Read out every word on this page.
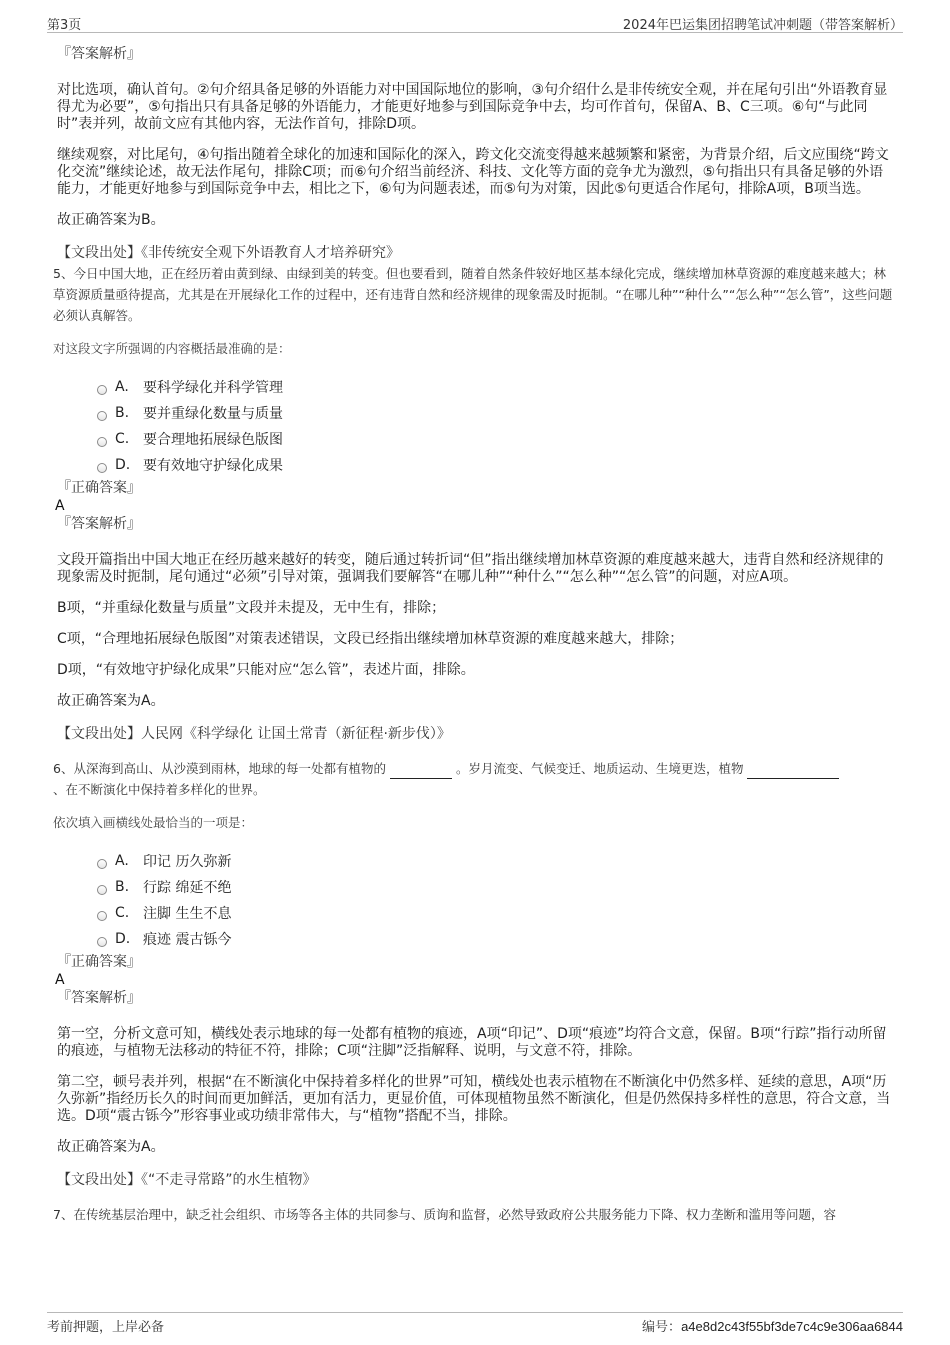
第3页	2024年巴运集团招聘笔试冲刺题（带答案解析）

『答案解析』

对比选项，确认首句。②句介绍具备足够的外语能力对中国国际地位的影响，③句介绍什么是非传统安全观，并在尾句引出“外语教育显得尤为必要”，⑤句指出只有具备足够的外语能力，才能更好地参与到国际竞争中去，均可作首句，保留A、B、C三项。⑥句“与此同时”表并列，故前文应有其他内容，无法作首句，排除D项。

继续观察，对比尾句，④句指出随着全球化的加速和国际化的深入，跨文化交流变得越来越频繁和紧密，为背景介绍，后文应围绕“跨文化交流”继续论述，故无法作尾句，排除C项；而⑥句介绍当前经济、科技、文化等方面的竞争尤为激烈，⑤句指出只有具备足够的外语能力，才能更好地参与到国际竞争中去，相比之下，⑥句为问题表述，而⑤句为对策，因此⑤句更适合作尾句，排除A项，B项当选。

故正确答案为B。

【文段出处】《非传统安全观下外语教育人才培养研究》

5、今日中国大地，正在经历着由黄到绿、由绿到美的转变。但也要看到，随着自然条件较好地区基本绿化完成，继续增加林草资源的难度越来越大；林草资源质量亟待提高，尤其是在开展绿化工作的过程中，还有违背自然和经济规律的现象需及时扼制。“在哪儿种”“种什么”“怎么种”“怎么管”，这些问题必须认真解答。

对这段文字所强调的内容概括最准确的是：

A.	要科学绿化并科学管理
B. 要并重绿化数量与质量
C. 要合理地拓展绿色版图
D. 要有效地守护绿化成果

『正确答案』

A

『答案解析』

文段开篇指出中国大地正在经历越来越好的转变，随后通过转折词“但”指出继续增加林草资源的难度越来越大，违背自然和经济规律的现象需及时扼制，尾句通过“必须”引导对策，强调我们要解答“在哪儿种”“种什么”“怎么种”“怎么管”的问题，对应A项。

B项，“并重绿化数量与质量”文段并未提及，无中生有，排除；

C项，“合理地拓展绿色版图”对策表述错误，文段已经指出继续增加林草资源的难度越来越大，排除；

D项，“有效地守护绿化成果”只能对应“怎么管”，表述片面，排除。

故正确答案为A。

【文段出处】人民网《科学绿化 让国土常青（新征程·新步伐）》

6、从深海到高山、从沙漠到雨林，地球的每一处都有植物的	。岁月流变、气候变迁、地质运动、生境更迭，植物
、在不断演化中保持着多样化的世界。

依次填入画横线处最恰当的一项是：

A.	印记 历久弥新
B. 行踪 绵延不绝
C. 注脚 生生不息
D. 痕迹 震古铄今

『正确答案』

A

『答案解析』

第一空，分析文意可知，横线处表示地球的每一处都有植物的痕迹，A项“印记”、D项“痕迹”均符合文意，保留。B项“行踪”指行动所留的痕迹，与植物无法移动的特征不符，排除；C项“注脚”泛指解释、说明，与文意不符，排除。

第二空，顿号表并列，根据“在不断演化中保持着多样化的世界”可知，横线处也表示植物在不断演化中仍然多样、延续的意思，A项“历久弥新”指经历长久的时间而更加鲜活，更加有活力，更显价值，可体现植物虽然不断演化，但是仍然保持多样性的意思，符合文意，当选。D项“震古铄今”形容事业或功绩非常伟大，与“植物”搭配不当，排除。

故正确答案为A。

【文段出处】《“不走寻常路”的水生植物》

7、在传统基层治理中，缺乏社会组织、市场等各主体的共同参与、质询和监督，必然导致政府公共服务能力下降、权力垄断和滥用等问题，容

考前押题，上岸必备	编号：a4e8d2c43f55bf3de7c4c9e306aa6844
